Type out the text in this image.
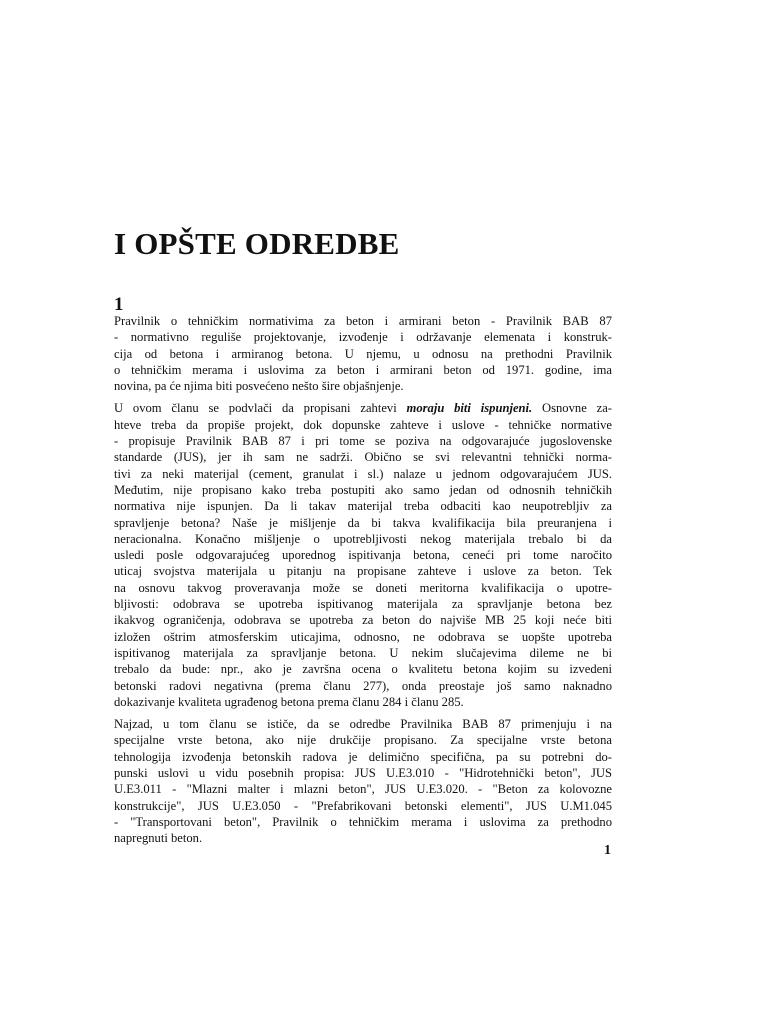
I OPŠTE ODREDBE
1
Pravilnik o tehničkim normativima za beton i armirani beton - Pravilnik BAB 87
- normativno reguliše projektovanje, izvođenje i održavanje elemenata i konstruk-
cija od betona i armiranog betona. U njemu, u odnosu na prethodni Pravilnik
o tehničkim merama i uslovima za beton i armirani beton od 1971. godine, ima
novina, pa će njima biti posvećeno nešto šire objašnjenje.
U ovom članu se podvlači da propisani zahtevi moraju biti ispunjeni. Osnovne za-
hteve treba da propiše projekt, dok dopunske zahteve i uslove - tehničke normative
- propisuje Pravilnik BAB 87 i pri tome se poziva na odgovarajuće jugoslovenske
standarde (JUS), jer ih sam ne sadrži. Obično se svi relevantni tehnički norma-
tivi za neki materijal (cement, granulat i sl.) nalaze u jednom odgovarajućem JUS.
Međutim, nije propisano kako treba postupiti ako samo jedan od odnosnih tehničkih
normativa nije ispunjen. Da li takav materijal treba odbaciti kao neupotrebljiv za
spravljenje betona? Naše je mišljenje da bi takva kvalifikacija bila preuranjena i
neracionalna. Konačno mišljenje o upotrebljivosti nekog materijala trebalo bi da
usledi posle odgovarajućeg uporednog ispitivanja betona, ceneći pri tome naročito
uticaj svojstva materijala u pitanju na propisane zahteve i uslove za beton. Tek
na osnovu takvog proveravanja može se doneti meritorna kvalifikacija o upotre-
bljivosti: odobrava se upotreba ispitivanog materijala za spravljanje betona bez
ikakvog ograničenja, odobrava se upotreba za beton do najviše MB 25 koji neće biti
izložen oštrim atmosferskim uticajima, odnosno, ne odobrava se uopšte upotreba
ispitivanog materijala za spravljanje betona. U nekim slučajevima dileme ne bi
trebalo da bude: npr., ako je završna ocena o kvalitetu betona kojim su izvedeni
betonski radovi negativna (prema članu 277), onda preostaje još samo naknadno
dokazivanje kvaliteta ugrađenog betona prema članu 284 i članu 285.
Najzad, u tom članu se ističe, da se odredbe Pravilnika BAB 87 primenjuju i na
specijalne vrste betona, ako nije drukčije propisano. Za specijalne vrste betona
tehnologija izvođenja betonskih radova je delimično specifična, pa su potrebni do-
punski uslovi u vidu posebnih propisa: JUS U.E3.010 - "Hidrotehnički beton", JUS
U.E3.011 - "Mlazni malter i mlazni beton", JUS U.E3.020. - "Beton za kolovozne
konstrukcije", JUS U.E3.050 - "Prefabrikovani betonski elementi", JUS U.M1.045
- "Transportovani beton", Pravilnik o tehničkim merama i uslovima za prethodno
napregnuti beton.
1
